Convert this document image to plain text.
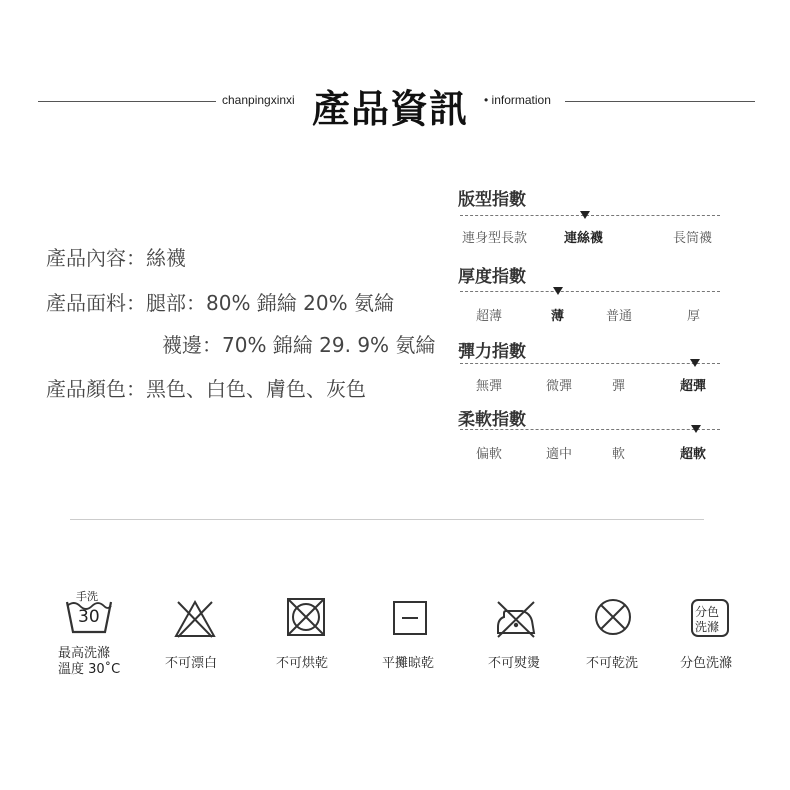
chanpingxinxi 產品資訊 • information
產品內容：絲襪
產品面料：腿部：80% 錦綸 20% 氨綸
襪邊：70% 錦綸 29. 9% 氨綸
產品顏色：黑色、白色、膚色、灰色
版型指數
連身型長款	連絲襪	長筒襪
厚度指數
超薄	薄	普通	厚
彈力指數
無彈	微彈	彈	超彈
柔軟指數
偏軟	適中	軟	超軟
手洗
30
最高洗滌
溫度 30˚C	不可漂白	不可烘乾	平攤晾乾	不可熨燙	不可乾洗
分色
洗滌
分色洗滌
